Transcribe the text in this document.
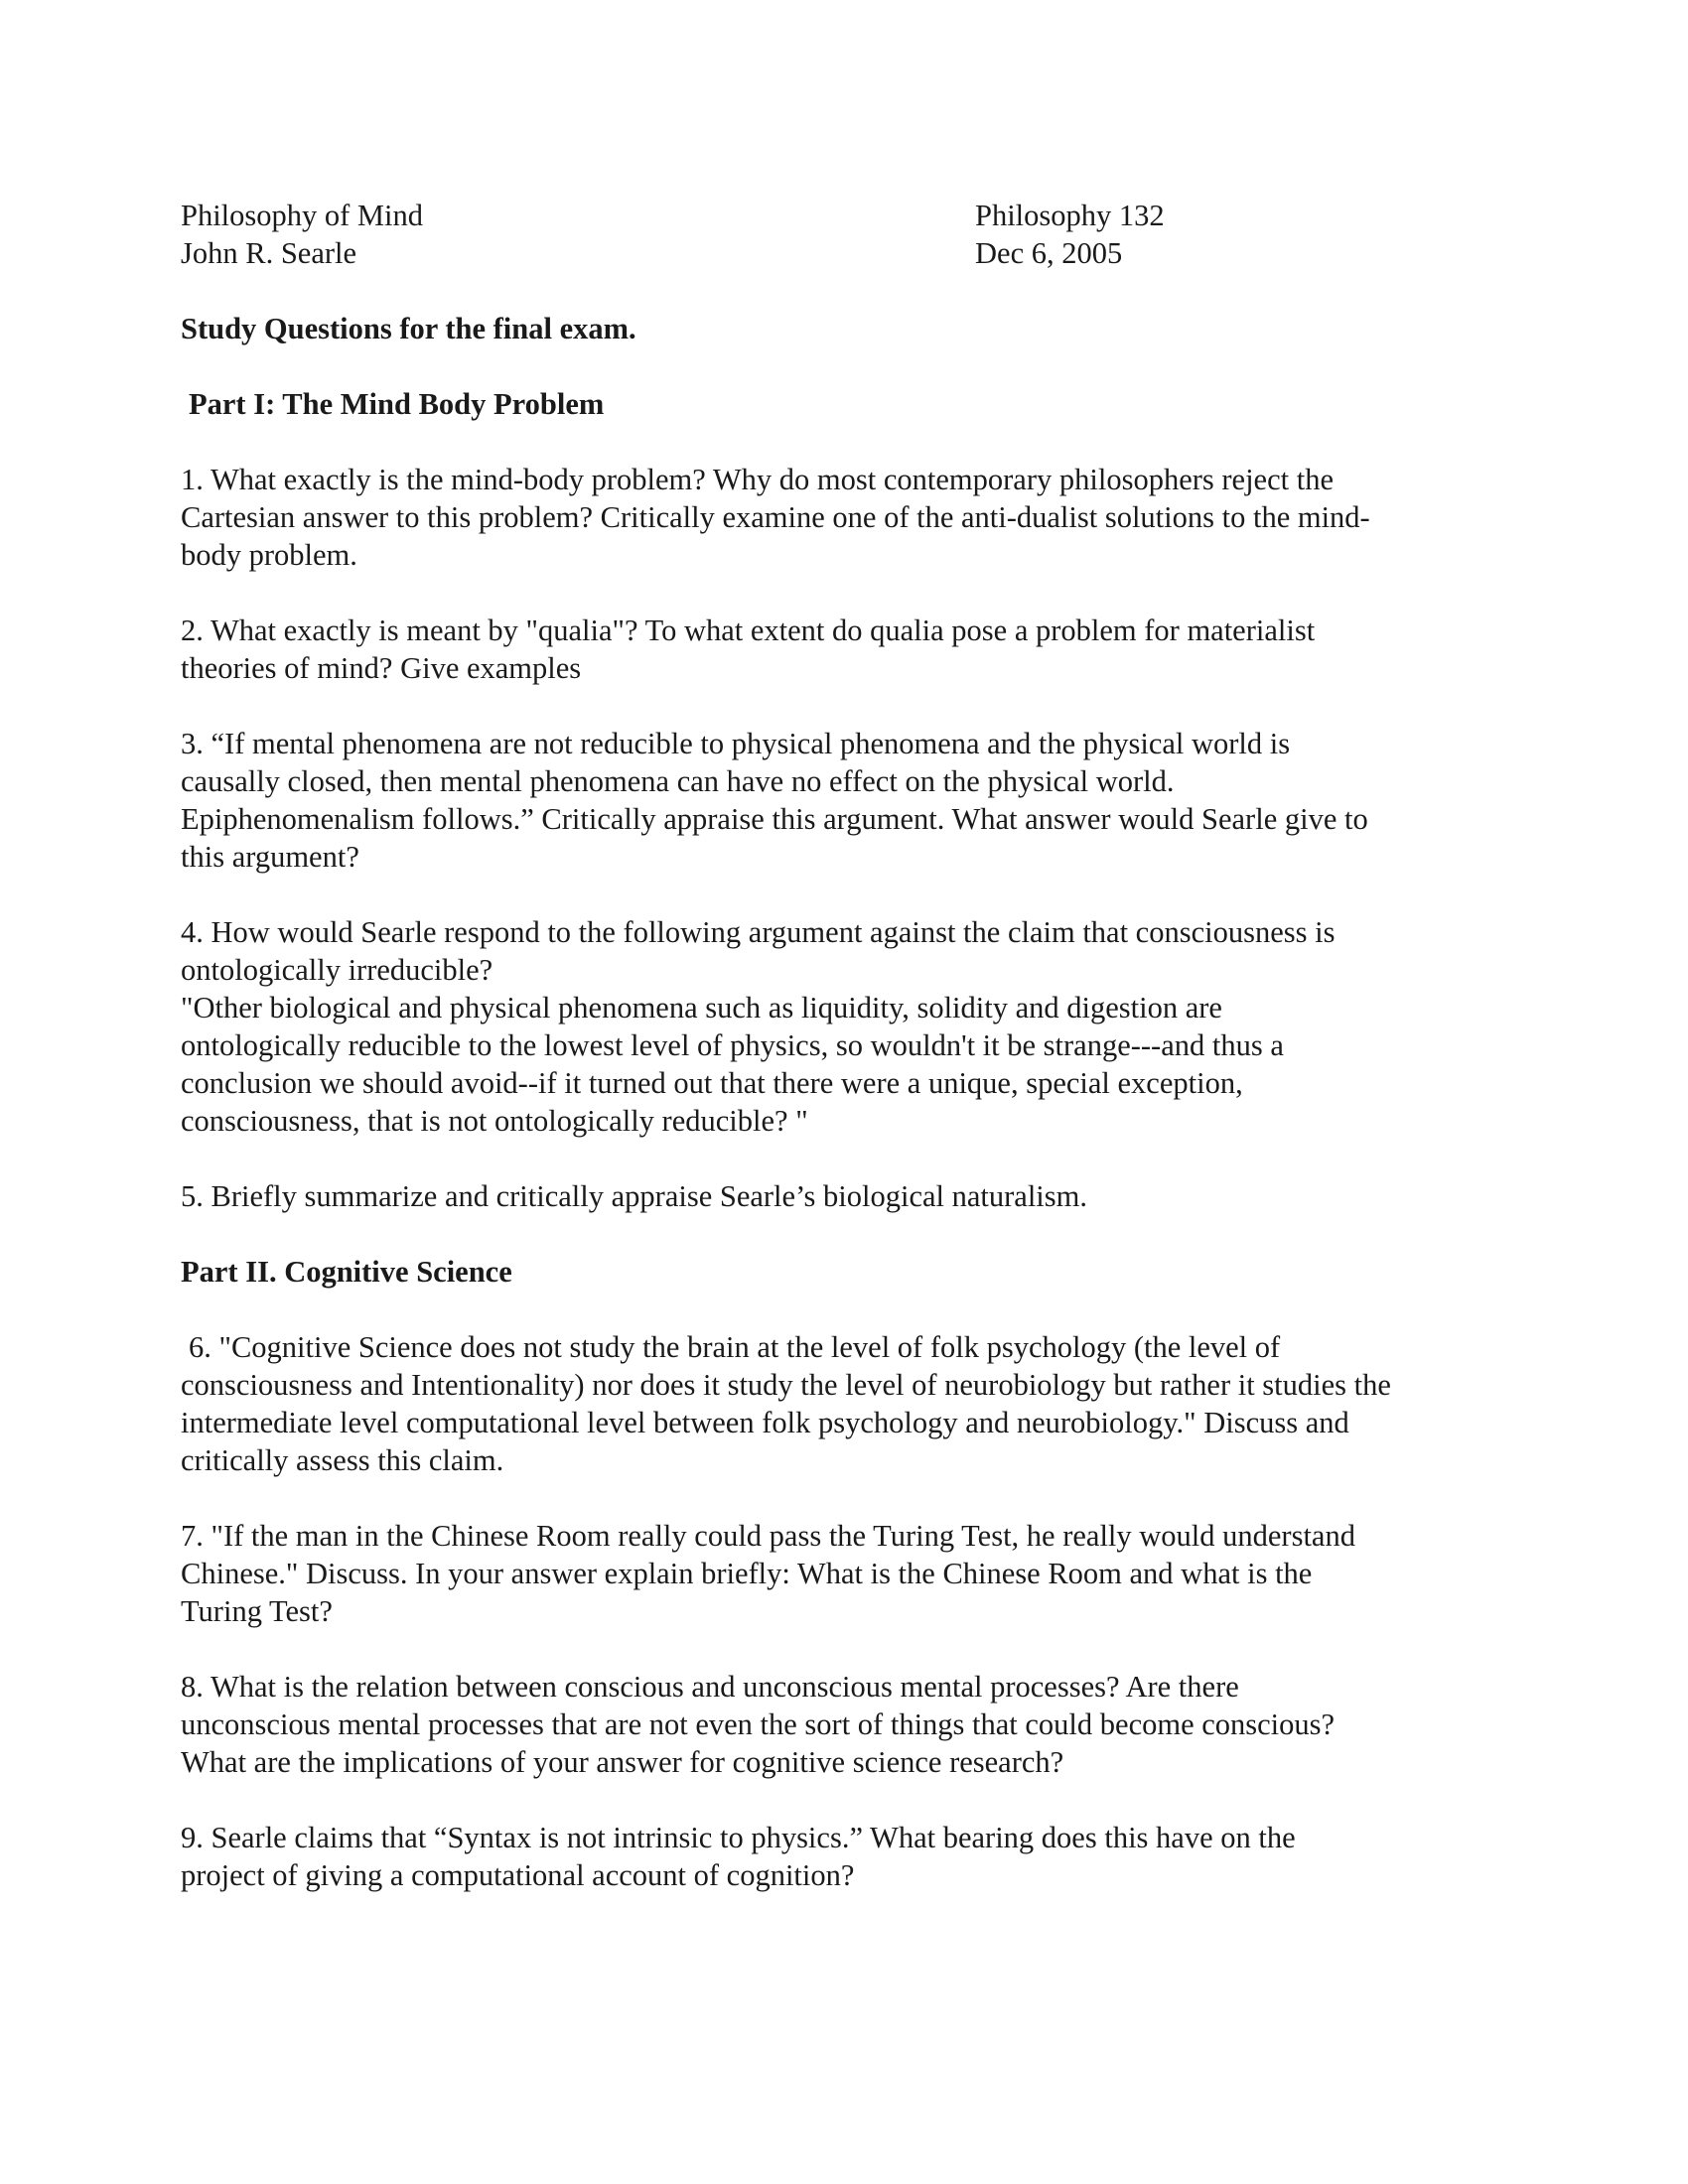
Philosophy of Mind
John R. Searle
Philosophy 132
Dec 6, 2005
Study Questions for the final exam.
Part I: The Mind Body Problem
1. What exactly is the mind-body problem? Why do most contemporary philosophers reject the
Cartesian answer to this problem? Critically examine one of the anti-dualist solutions to the mind-
body problem.
2. What exactly is meant by "qualia"? To what extent do qualia pose a problem for materialist
theories of mind? Give examples
3. “If mental phenomena are not reducible to physical phenomena and the physical world is
causally closed, then mental phenomena can have no effect on the physical world.
Epiphenomenalism follows.” Critically appraise this argument. What answer would Searle give to
this argument?
4. How would Searle respond to the following argument against the claim that consciousness is
ontologically irreducible?
"Other biological and physical phenomena such as liquidity, solidity and digestion are
ontologically reducible to the lowest level of physics, so wouldn't it be strange---and thus a
conclusion we should avoid--if it turned out that there were a unique, special exception,
consciousness, that is not ontologically reducible? "
5. Briefly summarize and critically appraise Searle’s biological naturalism.
Part II. Cognitive Science
6. "Cognitive Science does not study the brain at the level of folk psychology (the level of
consciousness and Intentionality) nor does it study the level of neurobiology but rather it studies the
intermediate level computational level between folk psychology and neurobiology." Discuss and
critically assess this claim.
7. "If the man in the Chinese Room really could pass the Turing Test, he really would understand
Chinese." Discuss. In your answer explain briefly: What is the Chinese Room and what is the
Turing Test?
8. What is the relation between conscious and unconscious mental processes? Are there
unconscious mental processes that are not even the sort of things that could become conscious?
What are the implications of your answer for cognitive science research?
9. Searle claims that “Syntax is not intrinsic to physics.” What bearing does this have on the
project of giving a computational account of cognition?
